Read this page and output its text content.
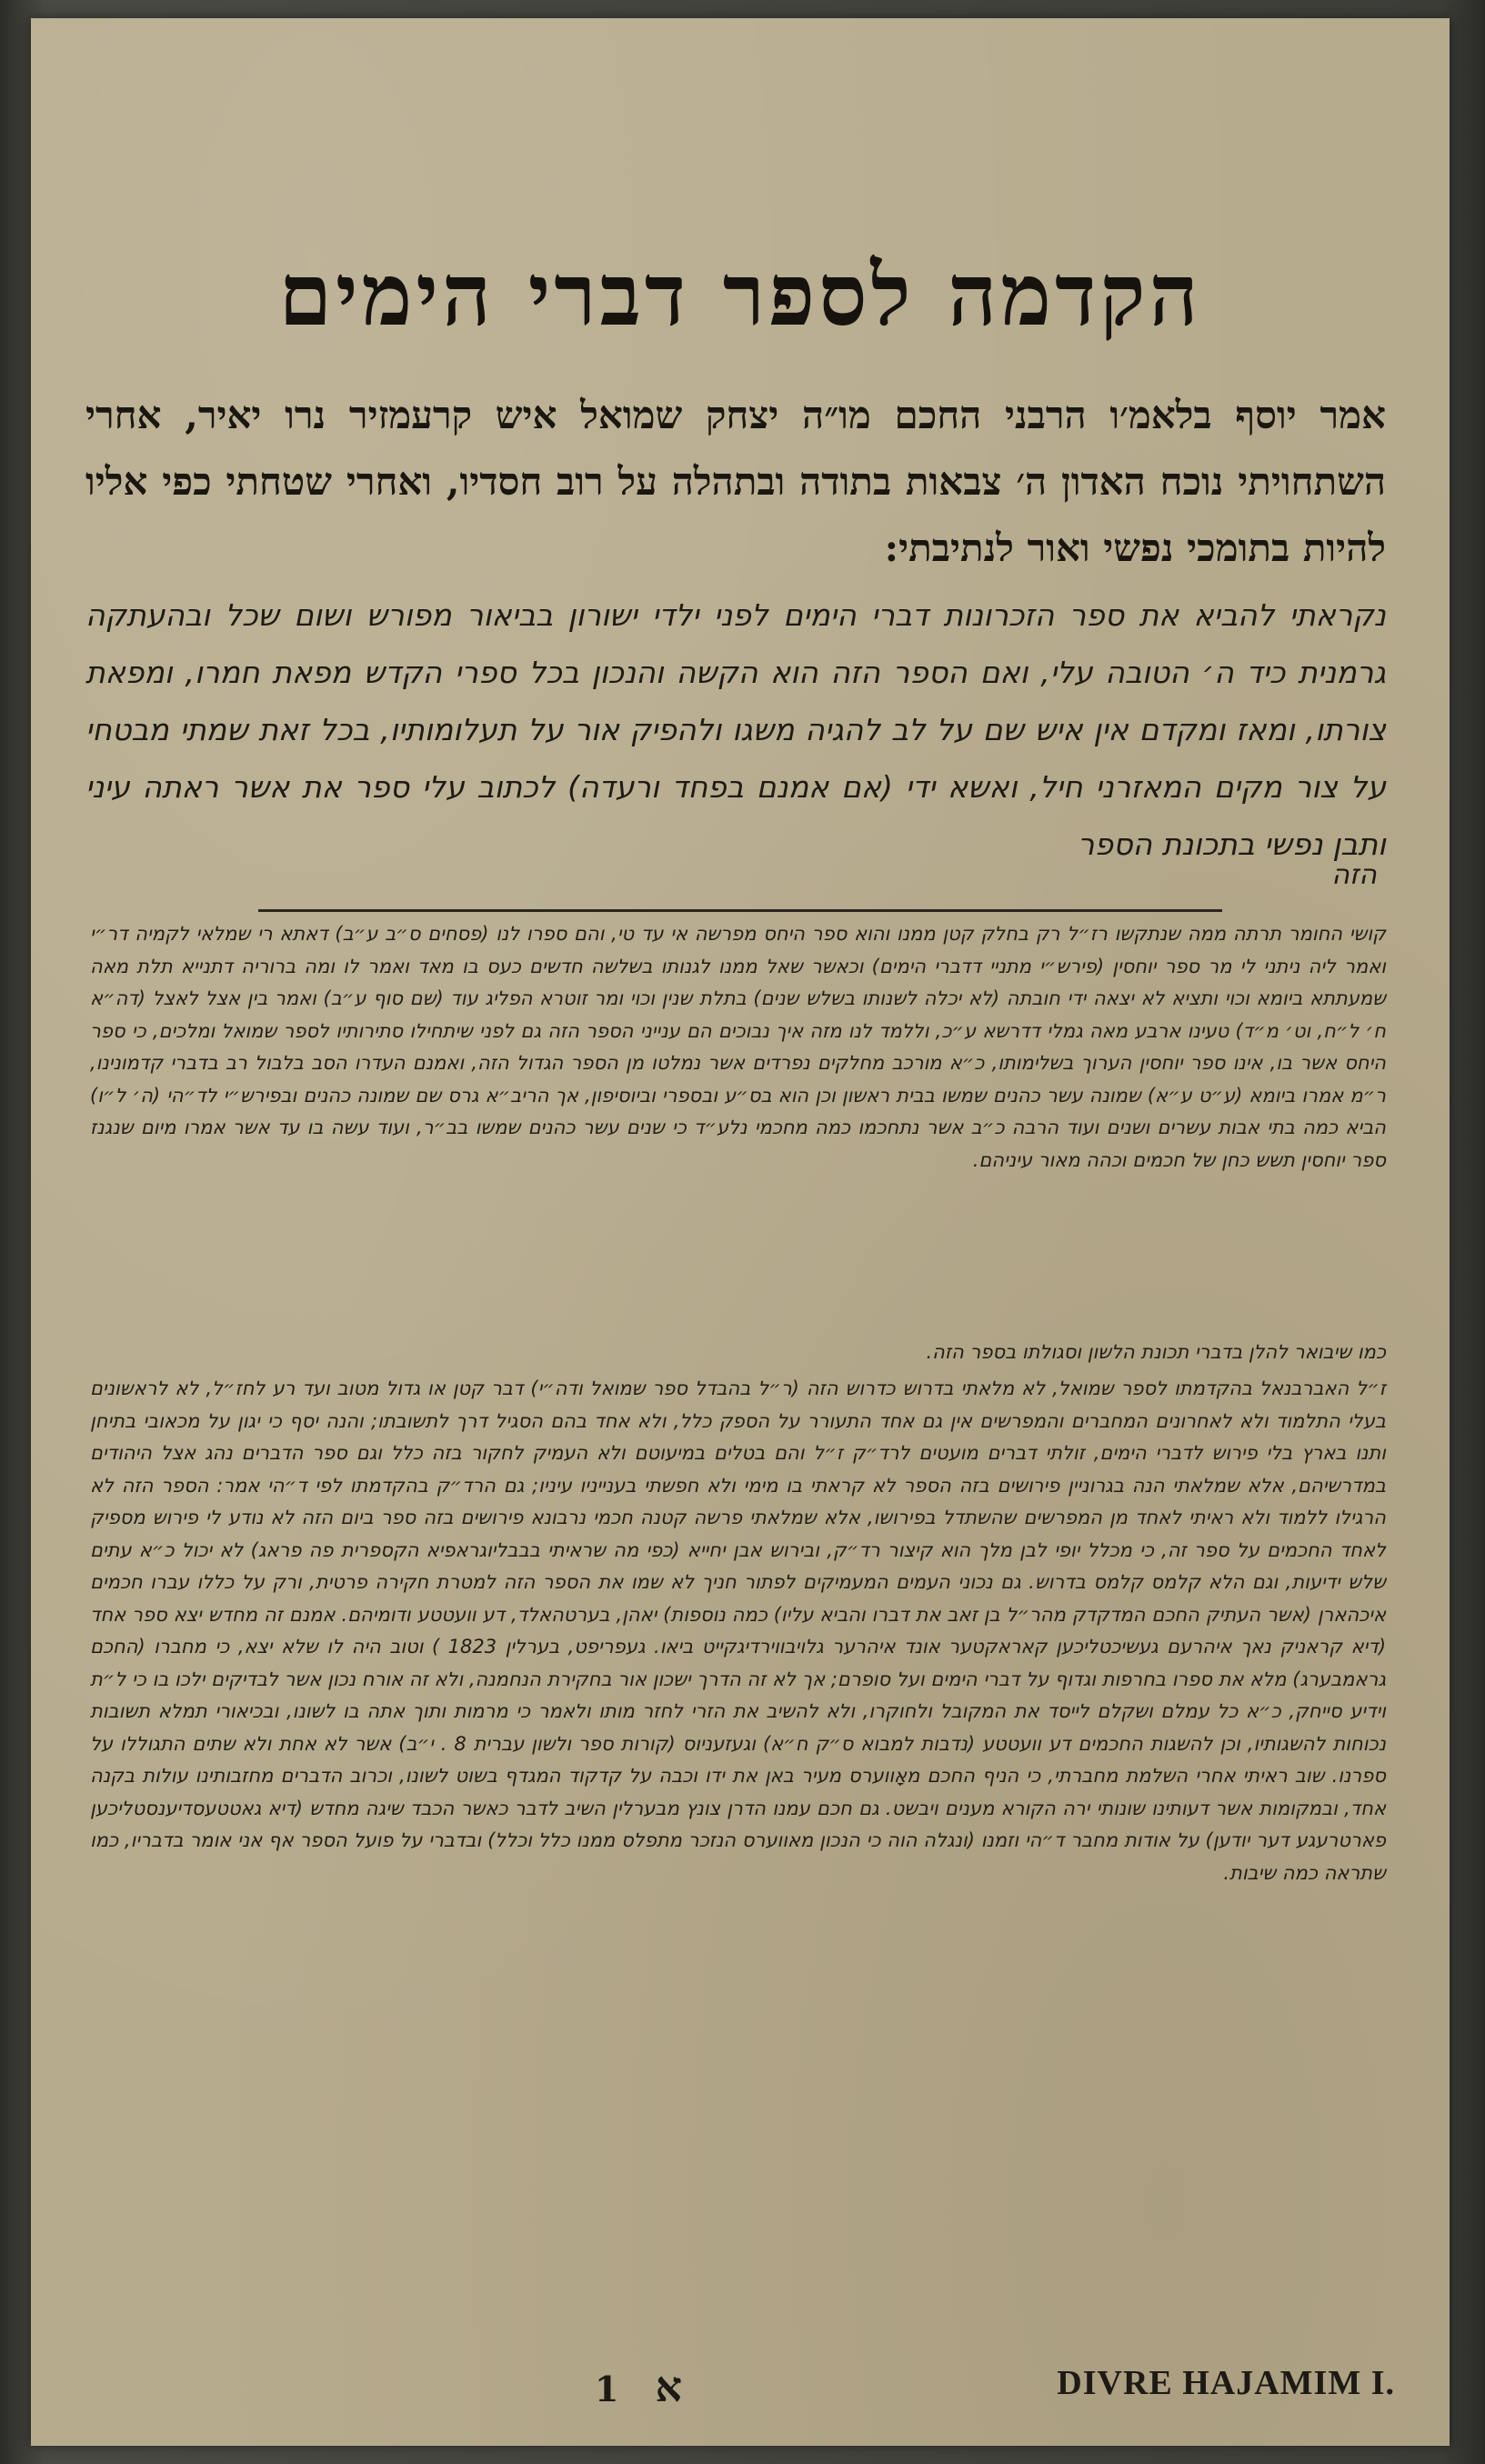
הקדמה לספר דברי הימים
אמר יוסף בלאמ׳ו הרבני החכם מו״ה יצחק שמואל איש קרעמזיר נרו יאיר, אחרי השתחויתי נוכח האדון ה׳ צבאות בתודה ובתהלה על רוב חסדיו, ואחרי שטחתי כפי אליו להיות בתומכי נפשי ואור לנתיבתי:
נקראתי להביא את ספר הזכרונות דברי הימים לפני ילדי ישורון בביאור מפורש ושום שכל ובהעתקה גרמנית כיד ה׳ הטובה עלי, ואם הספר הזה הוא הקשה והנכון בכל ספרי הקדש מפאת חמרו, ומפאת צורתו, ומאז ומקדם אין איש שם על לב להגיה משגו ולהפיק אור על תעלומותיו, בכל זאת שמתי מבטחי על צור מקים המאזרני חיל, ואשא ידי (אם אמנם בפחד ורעדה) לכתוב עלי ספר את אשר ראתה עיני ותבן נפשי בתכונת הספר
הזה
קושי החומר תרתה ממה שנתקשו רז״ל רק בחלק קטן ממנו והוא ספר היחס מפרשה אי עד טי, והם ספרו לנו (פסחים ס״ב ע״ב) דאתא רי שמלאי לקמיה דר״י ואמר ליה ניתני לי מר ספר יוחסין (פירש״י מתניי דדברי הימים) וכאשר שאל ממנו לגנותו בשלשה חדשים כעס בו מאד ואמר לו ומה ברוריה דתנייא תלת מאה שמעתתא ביומא וכוי ותציא לא יצאה ידי חובתה (לא יכלה לשנותו בשלש שנים) בתלת שנין וכוי ומר זוטרא הפליג עוד (שם סוף ע״ב) ואמר בין אצל לאצל (דה״א ח׳ ל״ח, וט׳ מ״ד) טעינו ארבע מאה גמלי דדרשא ע״כ, וללמד לנו מזה איך נבוכים הם ענייני הספר הזה גם לפני שיתחילו סתירותיו לספר שמואל ומלכים, כי ספר היחס אשר בו, אינו ספר יוחסין הערוך בשלימותו, כ״א מורכב מחלקים נפרדים אשר נמלטו מן הספר הגדול הזה, ואמנם העדרו הסב בלבול רב בדברי קדמונינו, ר״מ אמרו ביומא (ע״ט ע״א) שמונה עשר כהנים שמשו בבית ראשון וכן הוא בס״ע ובספרי וביוסיפון, אך הריב״א גרס שם שמונה כהנים ובפירש״י לד״הי (ה׳ ל״ו) הביא כמה בתי אבות עשרים ושנים ועוד הרבה כ״ב אשר נתחכמו כמה מחכמי נלע״ד כי שנים עשר כהנים שמשו בב״ר, ועוד עשה בו עד אשר אמרו מיום שנגנז ספר יוחסין תשש כחן של חכמים וכהה מאור עיניהם.
כמו שיבואר להלן בדברי תכונת הלשון וסגולתו בספר הזה.
ז״ל האברבנאל בהקדמתו לספר שמואל, לא מלאתי בדרוש כדרוש הזה (ר״ל בהבדל ספר שמואל ודה״י) דבר קטן או גדול מטוב ועד רע לחז״ל, לא לראשונים בעלי התלמוד ולא לאחרונים המחברים והמפרשים אין גם אחד התעורר על הספק כלל, ולא אחד בהם הסגיל דרך לתשובתו; והנה יסף כי יגון על מכאובי בתיחן ותנו בארץ בלי פירוש לדברי הימים, זולתי דברים מועטים לרד״ק ז״ל והם בטלים במיעוטם ולא העמיק לחקור בזה כלל וגם ספר הדברים נהג אצל היהודים במדרשיהם, אלא שמלאתי הנה בגרוניין פירושים בזה הספר לא קראתי בו מימי ולא חפשתי בענייניו עיניו; גם הרד״ק בהקדמתו לפי ד״הי אמר: הספר הזה לא הרגילו ללמוד ולא ראיתי לאחד מן המפרשים שהשתדל בפירושו, אלא שמלאתי פרשה קטנה חכמי נרבונא פירושים בזה ספר ביום הזה לא נודע לי פירוש מספיק לאחד החכמים על ספר זה, כי מכלל יופי לבן מלך הוא קיצור רד״ק, ובירוש אבן יחייא (כפי מה שראיתי בבבליוגראפיא הקספרית פה פראג) לא יכול כ״א עתים שלש ידיעות, וגם הלא קלמס קלמס בדרוש. גם נכוני העמים המעמיקים לפתור חניך לא שמו את הספר הזה למטרת חקירה פרטית, ורק על כללו עברו חכמים איכהארן (אשר העתיק החכם המדקדק מהר״ל בן זאב את דברו והביא עליו) כמה נוספות) יאהן, בערטהאלד, דע וועטטע ודומיהם. אמנם זה מחדש יצא ספר אחד (דיא קראניק נאך איהרעם געשיכטליכען קאראקטער אונד איהרער גלויבווירדיגקייט ביאו. געפריפט, בערלין 1823 ) וטוב היה לו שלא יצא, כי מחברו (החכם גראמבערג) מלא את ספרו בחרפות וגדוף על דברי הימים ועל סופרם; אך לא זה הדרך ישכון אור בחקירת הנחמנה, ולא זה אורח נכון אשר לבדיקים ילכו בו כי ל״ת וידיע סייחק, כ״א כל עמלם ושקלם לייסד את המקובל ולחוקרו, ולא להשיב את הזרי לחזר מותו ולאמר כי מרמות ותוך אתה בו לשונו, ובכיאורי תמלא תשובות נכוחות להשגותיו, וכן להשגות החכמים דע וועטטע (נדבות למבוא ס״ק ח״א) וגעזעניוס (קורות ספר ולשון עברית 8 . י״ב) אשר לא אחת ולא שתים התגוללו על ספרנו. שוב ראיתי אחרי השלמת מחברתי, כי הניף החכם מאָווערס מעיר באן את ידו וכבה על קדקוד המגדף בשוט לשונו, וכרוב הדברים מחזבותינו עולות בקנה אחד, ובמקומות אשר דעותינו שונותי ירה הקורא מענים ויבשט. גם חכם עמנו הדרן צונץ מבערלין השיב לדבר כאשר הכבד שיגה מחדש (דיא גאטטעסדיענסטליכען פארטרעגע דער יודען) על אודות מחבר ד״הי וזמנו (ונגלה הוה כי הנכון מאווערס הנזכר מתפלס ממנו כלל וכלל) ובדברי על פועל הספר אף אני אומר בדבריו, כמו שתראה כמה שיבות.
א 1	DIVRE HAJAMIM I.
